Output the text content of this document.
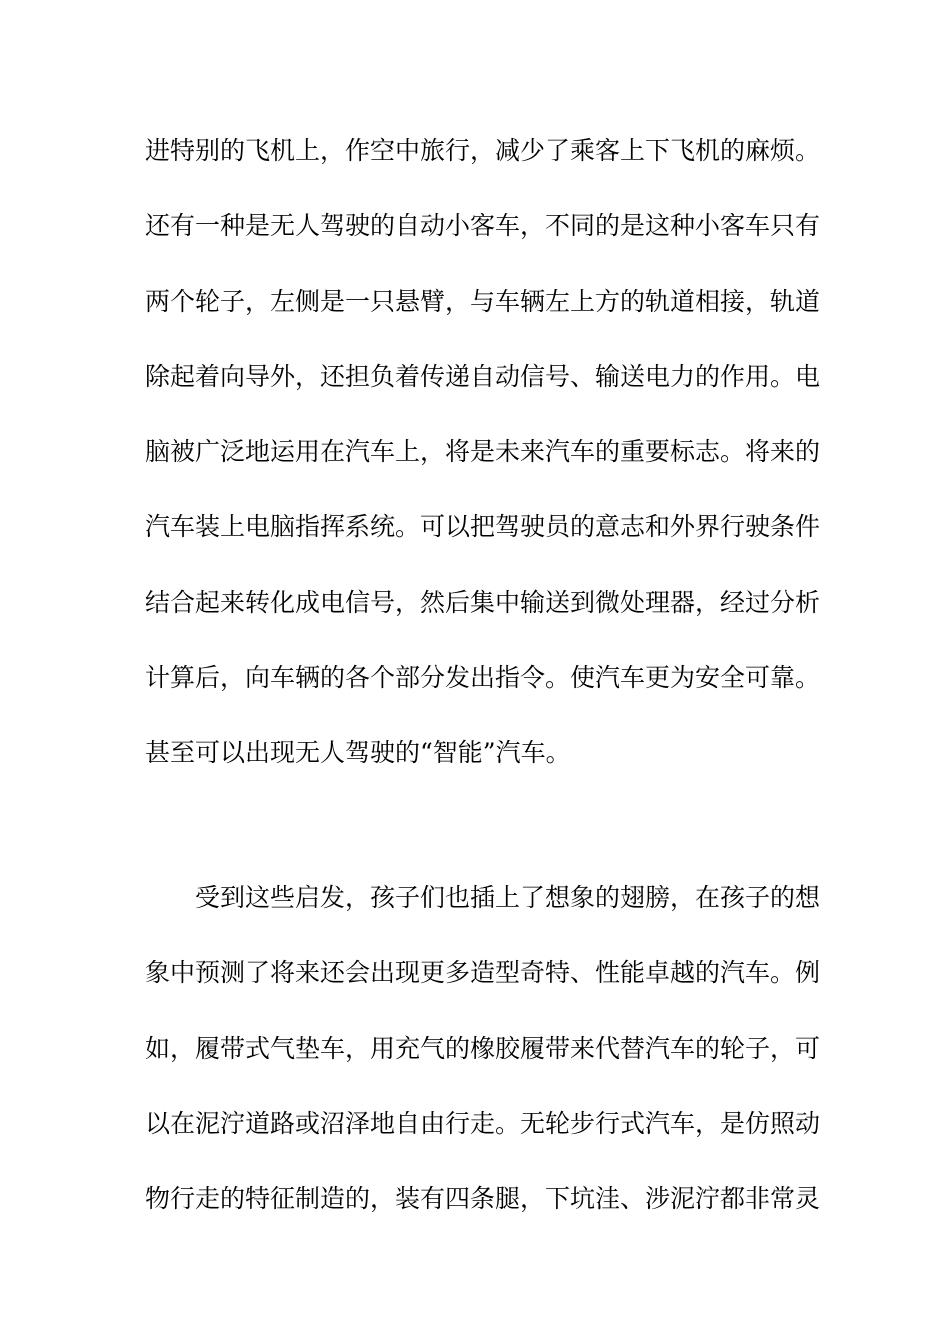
进特别的飞机上，作空中旅行，减少了乘客上下飞机的麻烦。
还有一种是无人驾驶的自动小客车，不同的是这种小客车只有
两个轮子，左侧是一只悬臂，与车辆左上方的轨道相接，轨道
除起着向导外，还担负着传递自动信号、输送电力的作用。电
脑被广泛地运用在汽车上，将是未来汽车的重要标志。将来的
汽车装上电脑指挥系统。可以把驾驶员的意志和外界行驶条件
结合起来转化成电信号，然后集中输送到微处理器，经过分析
计算后，向车辆的各个部分发出指令。使汽车更为安全可靠。
甚至可以出现无人驾驶的“智能”汽车。
　　受到这些启发，孩子们也插上了想象的翅膀，在孩子的想
象中预测了将来还会出现更多造型奇特、性能卓越的汽车。例
如，履带式气垫车，用充气的橡胶履带来代替汽车的轮子，可
以在泥泞道路或沼泽地自由行走。无轮步行式汽车，是仿照动
物行走的特征制造的，装有四条腿，下坑洼、涉泥泞都非常灵
